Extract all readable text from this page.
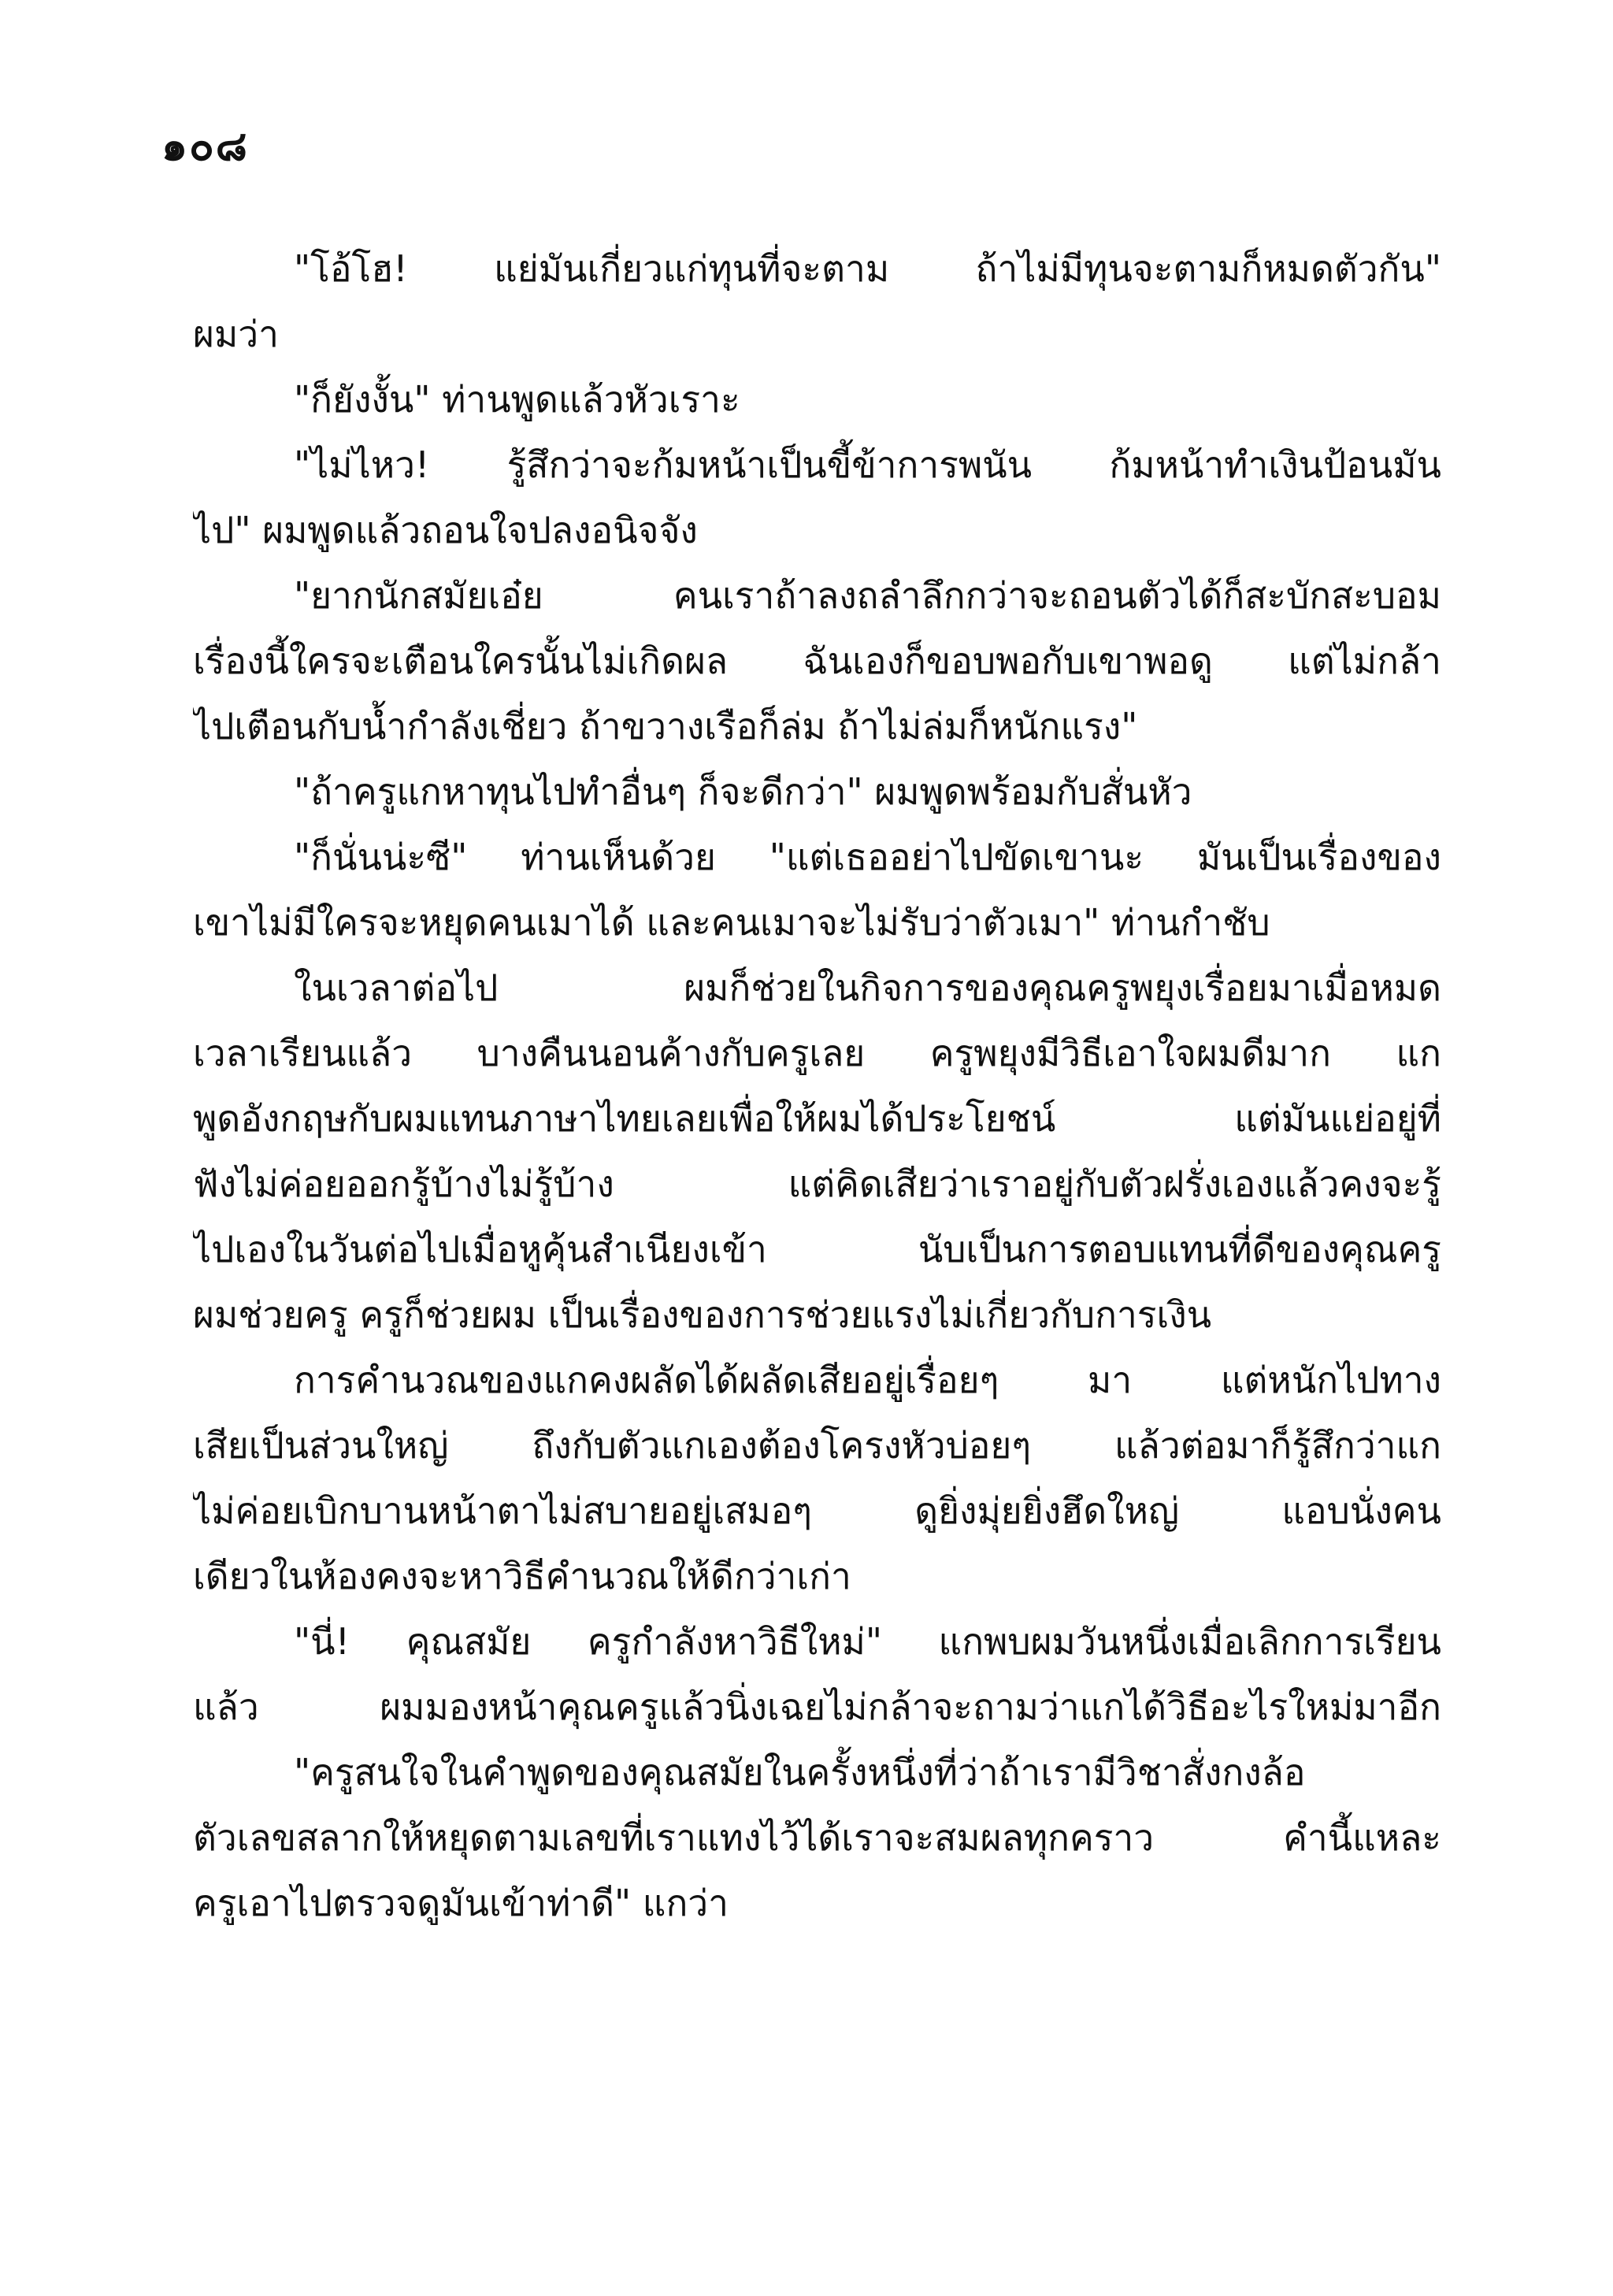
๑๐๘
"โอ้โฮ! แย่มันเกี่ยวแก่ทุนที่จะตาม ถ้าไม่มีทุนจะตามก็หมดตัวกัน"
ผมว่า
"ก็ยังงั้น" ท่านพูดแล้วหัวเราะ
"ไม่ไหว! รู้สึกว่าจะก้มหน้าเป็นขี้ข้าการพนัน ก้มหน้าทำเงินป้อนมัน
ไป" ผมพูดแล้วถอนใจปลงอนิจจัง
"ยากนักสมัยเอ๋ย คนเราถ้าลงถลำลึกกว่าจะถอนตัวได้ก็สะบักสะบอม
เรื่องนี้ใครจะเตือนใครนั้นไม่เกิดผล ฉันเองก็ขอบพอกับเขาพอดู แต่ไม่กล้า
ไปเตือนกับน้ำกำลังเชี่ยว ถ้าขวางเรือก็ล่ม ถ้าไม่ล่มก็หนักแรง"
"ถ้าครูแกหาทุนไปทำอื่นๆ ก็จะดีกว่า" ผมพูดพร้อมกับสั่นหัว
"ก็นั่นน่ะซี" ท่านเห็นด้วย "แต่เธออย่าไปขัดเขานะ มันเป็นเรื่องของ
เขาไม่มีใครจะหยุดคนเมาได้ และคนเมาจะไม่รับว่าตัวเมา" ท่านกำชับ
ในเวลาต่อไป ผมก็ช่วยในกิจการของคุณครูพยุงเรื่อยมาเมื่อหมด
เวลาเรียนแล้ว บางคืนนอนค้างกับครูเลย ครูพยุงมีวิธีเอาใจผมดีมาก แก
พูดอังกฤษกับผมแทนภาษาไทยเลยเพื่อให้ผมได้ประโยชน์ แต่มันแย่อยู่ที่
ฟังไม่ค่อยออกรู้บ้างไม่รู้บ้าง แต่คิดเสียว่าเราอยู่กับตัวฝรั่งเองแล้วคงจะรู้
ไปเองในวันต่อไปเมื่อหูคุ้นสำเนียงเข้า นับเป็นการตอบแทนที่ดีของคุณครู
ผมช่วยครู ครูก็ช่วยผม เป็นเรื่องของการช่วยแรงไม่เกี่ยวกับการเงิน
การคำนวณของแกคงผลัดได้ผลัดเสียอยู่เรื่อยๆ มา แต่หนักไปทาง
เสียเป็นส่วนใหญ่ ถึงกับตัวแกเองต้องโครงหัวบ่อยๆ แล้วต่อมาก็รู้สึกว่าแก
ไม่ค่อยเบิกบานหน้าตาไม่สบายอยู่เสมอๆ ดูยิ่งมุ่ยยิ่งฮึดใหญ่ แอบนั่งคน
เดียวในห้องคงจะหาวิธีคำนวณให้ดีกว่าเก่า
"นี่! คุณสมัย ครูกำลังหาวิธีใหม่" แกพบผมวันหนึ่งเมื่อเลิกการเรียน
แล้ว ผมมองหน้าคุณครูแล้วนิ่งเฉยไม่กล้าจะถามว่าแกได้วิธีอะไรใหม่มาอีก
"ครูสนใจในคำพูดของคุณสมัยในครั้งหนึ่งที่ว่าถ้าเรามีวิชาสั่งกงล้อ
ตัวเลขสลากให้หยุดตามเลขที่เราแทงไว้ได้เราจะสมผลทุกคราว คำนี้แหละ
ครูเอาไปตรวจดูมันเข้าท่าดี" แกว่า
